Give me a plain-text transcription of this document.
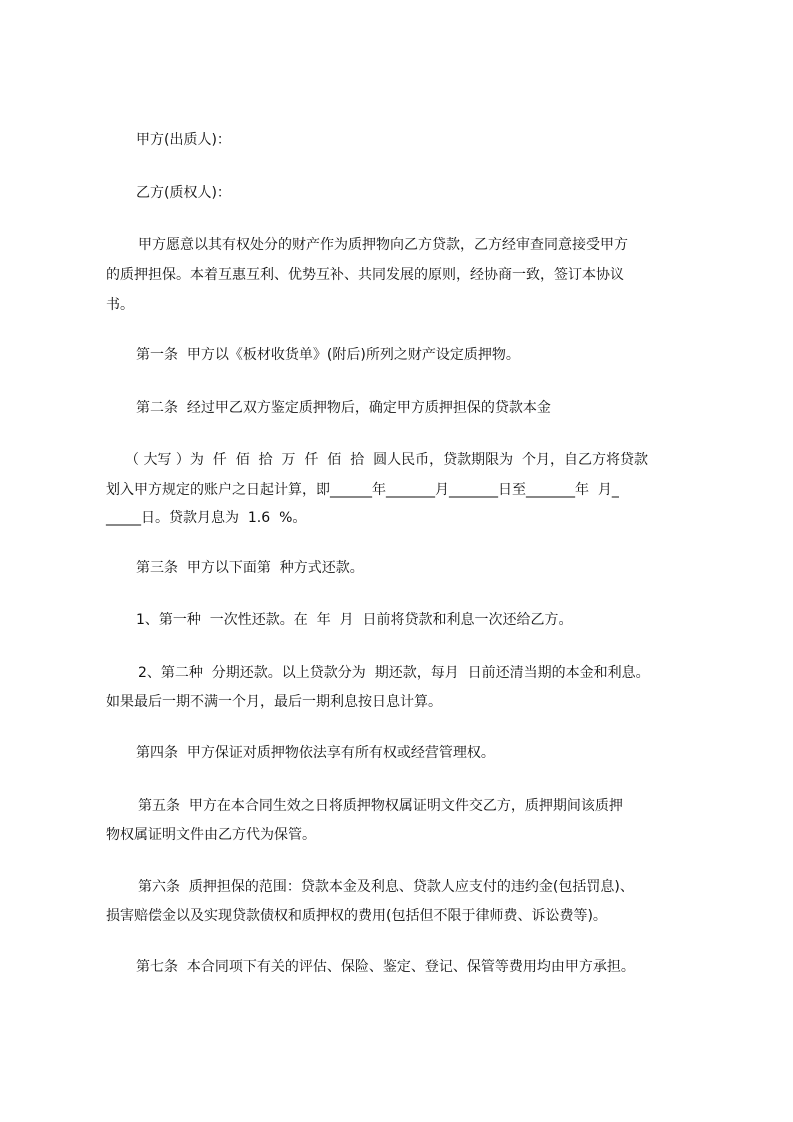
甲方(出质人)：
乙方(质权人)：
甲方愿意以其有权处分的财产作为质押物向乙方贷款，乙方经审查同意接受甲方
的质押担保。本着互惠互利、优势互补、共同发展的原则，经协商一致，签订本协议
书。
第一条  甲方以《板材收货单》(附后)所列之财产设定质押物。
第二条  经过甲乙双方鉴定质押物后，确定甲方质押担保的贷款本金
（ 大写 ）为  仟  佰  拾  万  仟  佰  拾  圆人民币，贷款期限为  个月，自乙方将贷款
划入甲方规定的账户之日起计算，即______年_______月_______日至_______年  月_
_____日。贷款月息为  1.6  %。
第三条  甲方以下面第  种方式还款。
1、第一种  一次性还款。在  年  月  日前将贷款和利息一次还给乙方。
2、第二种  分期还款。以上贷款分为  期还款，每月  日前还清当期的本金和利息。
如果最后一期不满一个月，最后一期利息按日息计算。
第四条  甲方保证对质押物依法享有所有权或经营管理权。
第五条  甲方在本合同生效之日将质押物权属证明文件交乙方，质押期间该质押
物权属证明文件由乙方代为保管。
第六条  质押担保的范围：贷款本金及利息、贷款人应支付的违约金(包括罚息)、
损害赔偿金以及实现贷款债权和质押权的费用(包括但不限于律师费、诉讼费等)。
第七条  本合同项下有关的评估、保险、鉴定、登记、保管等费用均由甲方承担。
